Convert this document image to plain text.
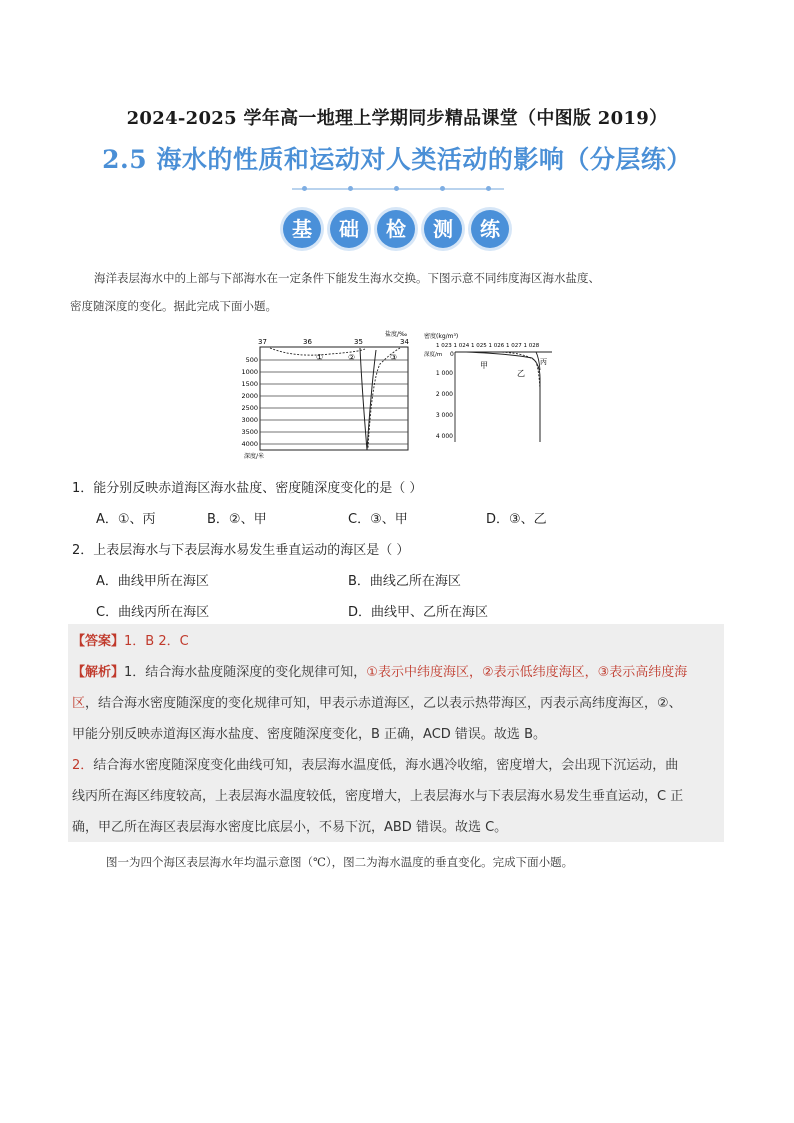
2024-2025 学年高一地理上学期同步精品课堂（中图版 2019）
2.5 海水的性质和运动对人类活动的影响（分层练）
基	础	检	测	练
海洋表层海水中的上部与下部海水在一定条件下能发生海水交换。下图示意不同纬度海区海水盐度、
密度随深度的变化。据此完成下面小题。
37	36	35	34
盐度/‰
500
1000
1500
2000
2500
3000
3500
4000
深度/米
①	②	③
密度(kg/m³)
1 023 1 024 1 025 1 026 1 027 1 028
深度/m 0
1 000
2 000
3 000
4 000
甲
乙
丙
1．能分别反映赤道海区海水盐度、密度随深度变化的是（ ）
A．①、丙	B．②、甲	C．③、甲	D．③、乙
2．上表层海水与下表层海水易发生垂直运动的海区是（ ）
A．曲线甲所在海区	B．曲线乙所在海区
C．曲线丙所在海区	D．曲线甲、乙所在海区
【答案】1．B 2．C
【解析】1．结合海水盐度随深度的变化规律可知，①表示中纬度海区，②表示低纬度海区，③表示高纬度海
区，结合海水密度随深度的变化规律可知，甲表示赤道海区，乙以表示热带海区，丙表示高纬度海区，②、
甲能分别反映赤道海区海水盐度、密度随深度变化，B 正确，ACD 错误。故选 B。
2．结合海水密度随深度变化曲线可知，表层海水温度低，海水遇冷收缩，密度增大，会出现下沉运动，曲
线丙所在海区纬度较高，上表层海水温度较低，密度增大，上表层海水与下表层海水易发生垂直运动，C 正
确，甲乙所在海区表层海水密度比底层小，不易下沉，ABD 错误。故选 C。
图一为四个海区表层海水年均温示意图（℃），图二为海水温度的垂直变化。完成下面小题。
